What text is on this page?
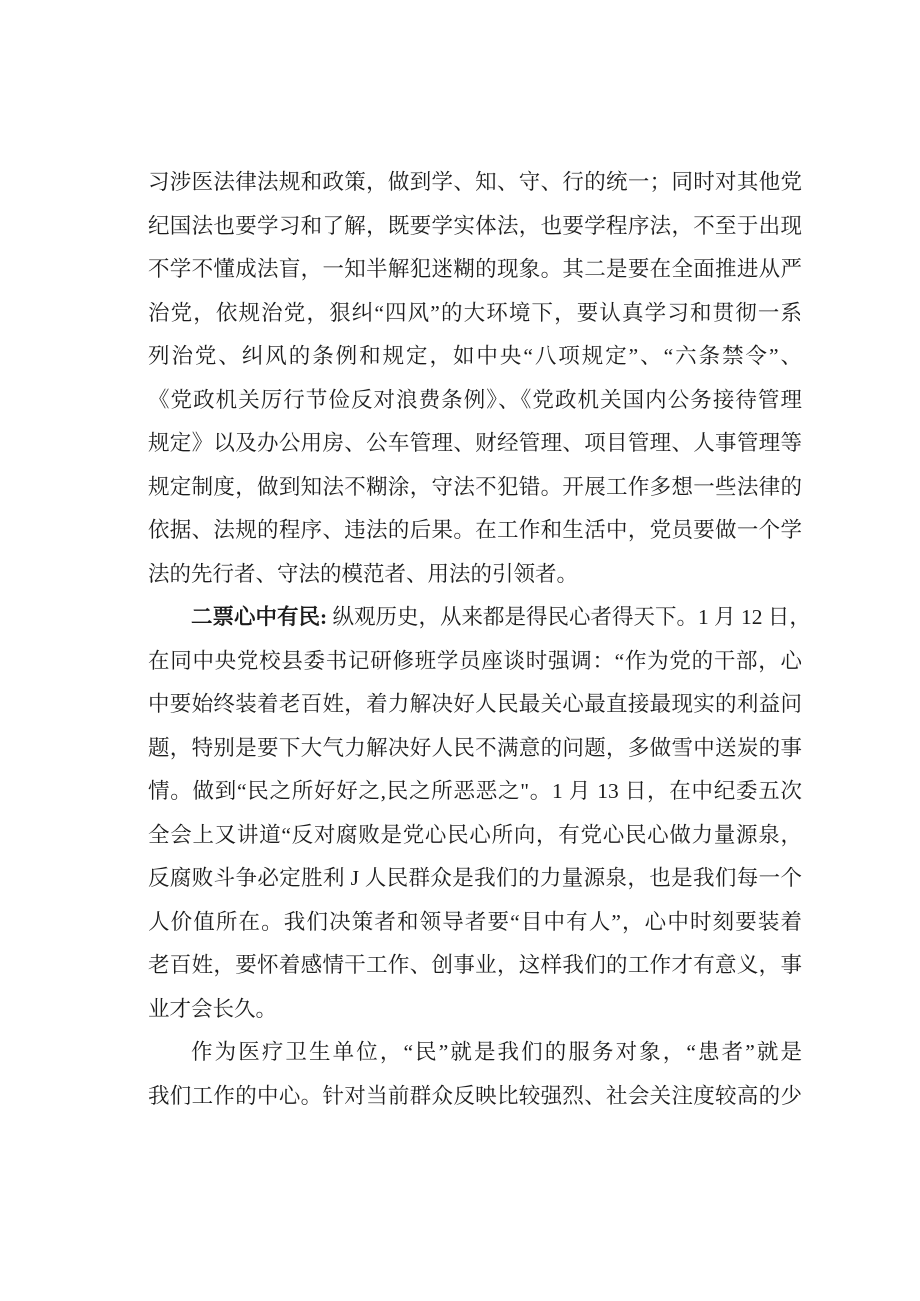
习涉医法律法规和政策，做到学、知、守、行的统一；同时对其他党
纪国法也要学习和了解，既要学实体法，也要学程序法，不至于出现
不学不懂成法盲，一知半解犯迷糊的现象。其二是要在全面推进从严
治党，依规治党，狠纠“四风”的大环境下，要认真学习和贯彻一系
列治党、纠风的条例和规定，如中央“八项规定”、“六条禁令”、
《党政机关厉行节俭反对浪费条例》、《党政机关国内公务接待管理
规定》以及办公用房、公车管理、财经管理、项目管理、人事管理等
规定制度，做到知法不糊涂，守法不犯错。开展工作多想一些法律的
依据、法规的程序、违法的后果。在工作和生活中，党员要做一个学
法的先行者、守法的模范者、用法的引领者。
二票心中有民: 纵观历史，从来都是得民心者得天下。1 月 12 日，
在同中央党校县委书记研修班学员座谈时强调：“作为党的干部，心
中要始终装着老百姓，着力解决好人民最关心最直接最现实的利益问
题，特别是要下大气力解决好人民不满意的问题，多做雪中送炭的事
情。做到“民之所好好之,民之所恶恶之"。1 月 13 日，在中纪委五次
全会上又讲道“反对腐败是党心民心所向，有党心民心做力量源泉，
反腐败斗争必定胜利 J 人民群众是我们的力量源泉，也是我们每一个
人价值所在。我们决策者和领导者要“目中有人”，心中时刻要装着
老百姓，要怀着感情干工作、创事业，这样我们的工作才有意义，事
业才会长久。
作为医疗卫生单位，“民”就是我们的服务对象，“患者”就是
我们工作的中心。针对当前群众反映比较强烈、社会关注度较高的少
